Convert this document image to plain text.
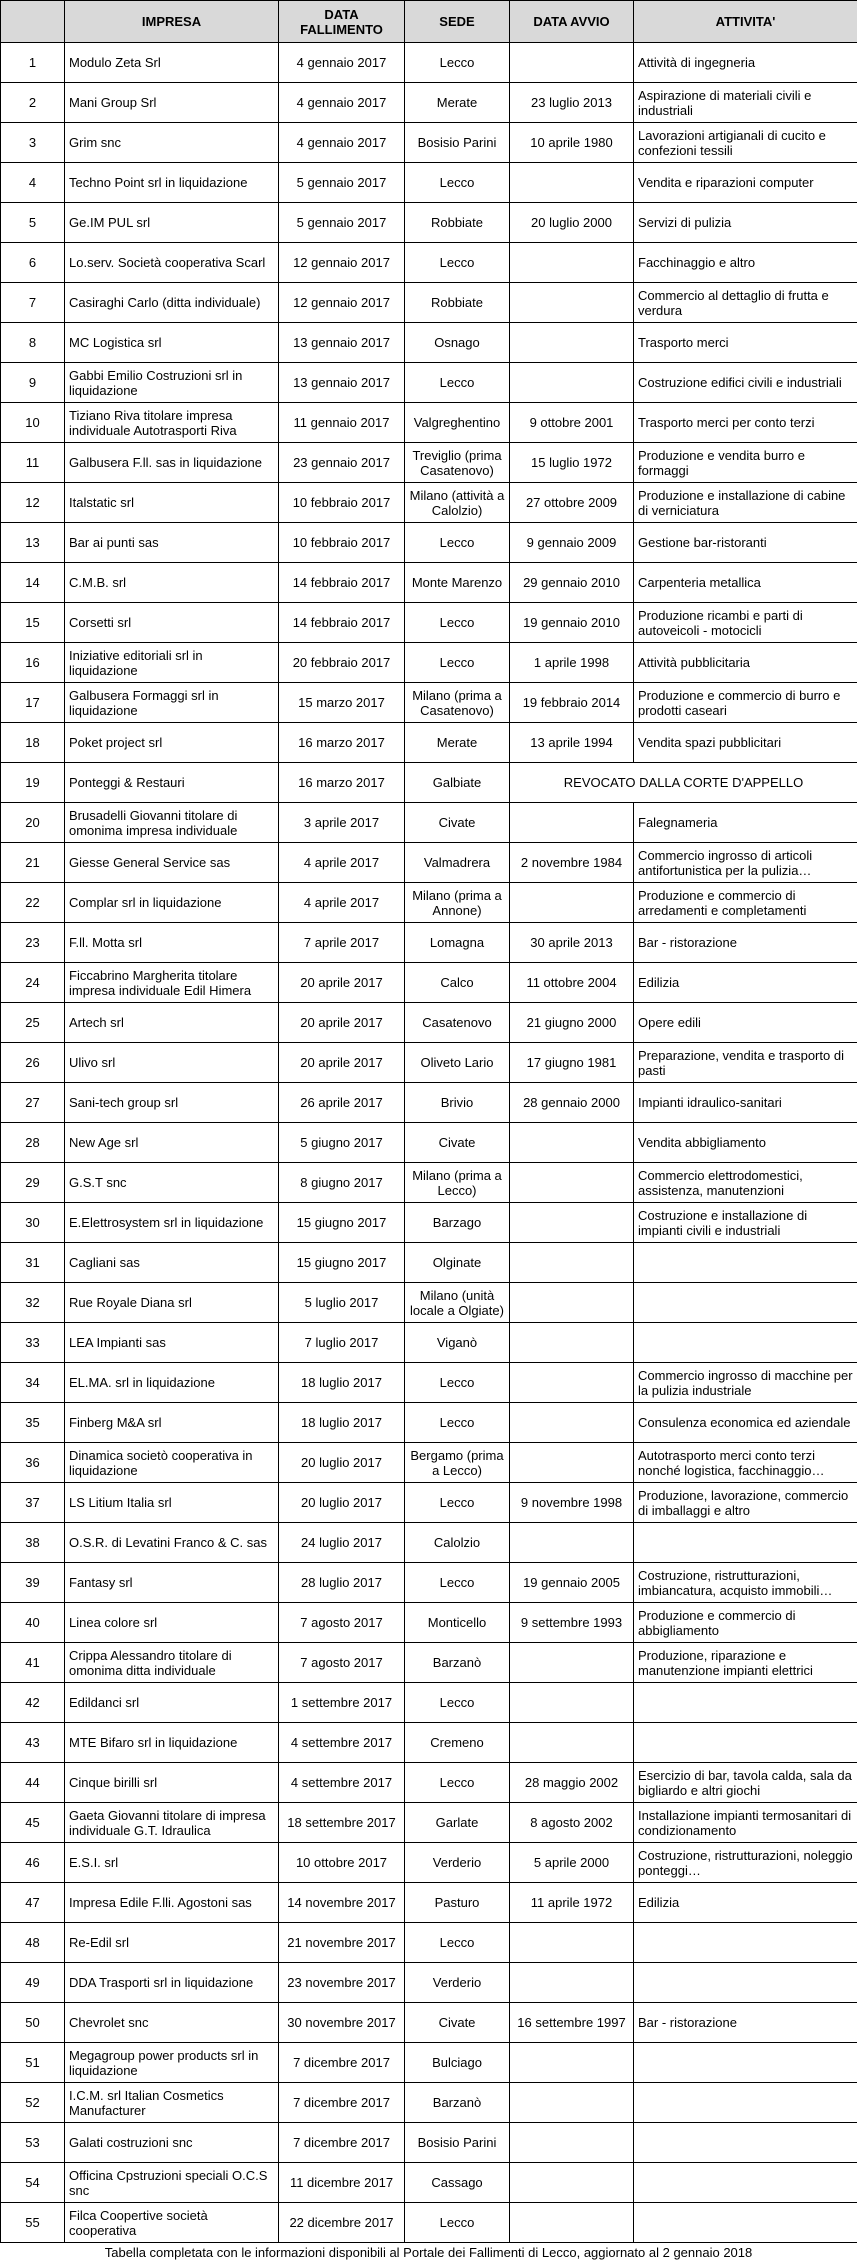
	IMPRESA	DATA FALLIMENTO	SEDE	DATA AVVIO	ATTIVITA'
1	Modulo Zeta Srl	4 gennaio 2017	Lecco		Attività di ingegneria
2	Mani Group Srl	4 gennaio 2017	Merate	23 luglio 2013	Aspirazione di materiali civili e industriali
3	Grim snc	4 gennaio 2017	Bosisio Parini	10 aprile 1980	Lavorazioni artigianali di cucito e confezioni tessili
4	Techno Point srl in liquidazione	5 gennaio 2017	Lecco		Vendita e riparazioni computer
5	Ge.IM PUL srl	5 gennaio 2017	Robbiate	20 luglio 2000	Servizi di pulizia
6	Lo.serv. Società cooperativa Scarl	12 gennaio 2017	Lecco		Facchinaggio e altro
7	Casiraghi Carlo (ditta individuale)	12 gennaio 2017	Robbiate		Commercio al dettaglio di frutta e verdura
8	MC Logistica srl	13 gennaio 2017	Osnago		Trasporto merci
9	Gabbi Emilio Costruzioni srl in liquidazione	13 gennaio 2017	Lecco		Costruzione edifici civili e industriali
10	Tiziano Riva titolare impresa individuale Autotrasporti Riva	11 gennaio 2017	Valgreghentino	9 ottobre 2001	Trasporto merci per conto terzi
11	Galbusera F.ll. sas in liquidazione	23 gennaio 2017	Treviglio (prima Casatenovo)	15 luglio 1972	Produzione e vendita burro e formaggi
12	Italstatic srl	10 febbraio 2017	Milano (attività a Calolzio)	27 ottobre 2009	Produzione e installazione di cabine di verniciatura
13	Bar ai punti sas	10 febbraio 2017	Lecco	9 gennaio 2009	Gestione bar-ristoranti
14	C.M.B. srl	14 febbraio 2017	Monte Marenzo	29 gennaio 2010	Carpenteria metallica
15	Corsetti srl	14 febbraio 2017	Lecco	19 gennaio 2010	Produzione ricambi e parti di autoveicoli - motocicli
16	Iniziative editoriali srl in liquidazione	20 febbraio 2017	Lecco	1 aprile 1998	Attività pubblicitaria
17	Galbusera Formaggi srl in liquidazione	15 marzo 2017	Milano (prima a Casatenovo)	19 febbraio 2014	Produzione e commercio di burro e prodotti caseari
18	Poket project srl	16 marzo 2017	Merate	13 aprile 1994	Vendita spazi pubblicitari
19	Ponteggi & Restauri	16 marzo 2017	Galbiate	REVOCATO DALLA CORTE D'APPELLO	
20	Brusadelli Giovanni titolare di omonima impresa individuale	3 aprile 2017	Civate		Falegnameria
21	Giesse General Service sas	4 aprile 2017	Valmadrera	2 novembre 1984	Commercio ingrosso di articoli antifortunistica per la pulizia…
22	Complar srl in liquidazione	4 aprile 2017	Milano (prima a Annone)		Produzione e commercio di arredamenti e completamenti
23	F.ll. Motta srl	7 aprile 2017	Lomagna	30 aprile 2013	Bar - ristorazione
24	Ficcabrino Margherita titolare impresa individuale Edil Himera	20 aprile 2017	Calco	11 ottobre 2004	Edilizia
25	Artech srl	20 aprile 2017	Casatenovo	21 giugno 2000	Opere edili
26	Ulivo srl	20 aprile 2017	Oliveto Lario	17 giugno 1981	Preparazione, vendita e trasporto di pasti
27	Sani-tech group srl	26 aprile 2017	Brivio	28 gennaio 2000	Impianti idraulico-sanitari
28	New Age srl	5 giugno 2017	Civate		Vendita abbigliamento
29	G.S.T snc	8 giugno 2017	Milano (prima a Lecco)		Commercio elettrodomestici, assistenza, manutenzioni
30	E.Elettrosystem srl in liquidazione	15 giugno 2017	Barzago		Costruzione e installazione di impianti civili e industriali
31	Cagliani sas	15 giugno 2017	Olginate		
32	Rue Royale Diana srl	5 luglio 2017	Milano (unità locale a Olgiate)		
33	LEA Impianti sas	7 luglio 2017	Viganò		
34	EL.MA. srl in liquidazione	18 luglio 2017	Lecco		Commercio ingrosso di macchine per la pulizia industriale
35	Finberg M&A srl	18 luglio 2017	Lecco		Consulenza economica ed aziendale
36	Dinamica societò cooperativa in liquidazione	20 luglio 2017	Bergamo (prima a Lecco)		Autotrasporto merci conto terzi nonché logistica, facchinaggio…
37	LS Litium Italia srl	20 luglio 2017	Lecco	9 novembre 1998	Produzione, lavorazione, commercio di imballaggi e altro
38	O.S.R. di Levatini Franco & C. sas	24 luglio 2017	Calolzio		
39	Fantasy srl	28 luglio 2017	Lecco	19 gennaio 2005	Costruzione, ristrutturazioni, imbiancatura, acquisto immobili…
40	Linea colore srl	7 agosto 2017	Monticello	9 settembre 1993	Produzione e commercio di abbigliamento
41	Crippa Alessandro titolare di omonima ditta individuale	7 agosto 2017	Barzanò		Produzione, riparazione e manutenzione impianti elettrici
42	Edildanci srl	1 settembre 2017	Lecco		
43	MTE Bifaro srl in liquidazione	4 settembre 2017	Cremeno		
44	Cinque birilli srl	4 settembre 2017	Lecco	28 maggio 2002	Esercizio di bar, tavola calda, sala da bigliardo e altri giochi
45	Gaeta Giovanni titolare di impresa individuale G.T. Idraulica	18 settembre 2017	Garlate	8 agosto 2002	Installazione impianti termosanitari di condizionamento
46	E.S.I. srl	10 ottobre 2017	Verderio	5 aprile 2000	Costruzione, ristrutturazioni, noleggio ponteggi…
47	Impresa Edile F.lli. Agostoni sas	14 novembre 2017	Pasturo	11 aprile 1972	Edilizia
48	Re-Edil srl	21 novembre 2017	Lecco		
49	DDA Trasporti srl in liquidazione	23 novembre 2017	Verderio		
50	Chevrolet snc	30 novembre 2017	Civate	16 settembre 1997	Bar - ristorazione
51	Megagroup power products srl in liquidazione	7 dicembre 2017	Bulciago		
52	I.C.M. srl Italian Cosmetics Manufacturer	7 dicembre 2017	Barzanò		
53	Galati costruzioni snc	7 dicembre 2017	Bosisio Parini		
54	Officina Cpstruzioni speciali O.C.S snc	11 dicembre 2017	Cassago		
55	Filca Coopertive società cooperativa	22 dicembre 2017	Lecco		
Tabella completata con le informazioni disponibili al Portale dei Fallimenti di Lecco, aggiornato al 2 gennaio 2018
